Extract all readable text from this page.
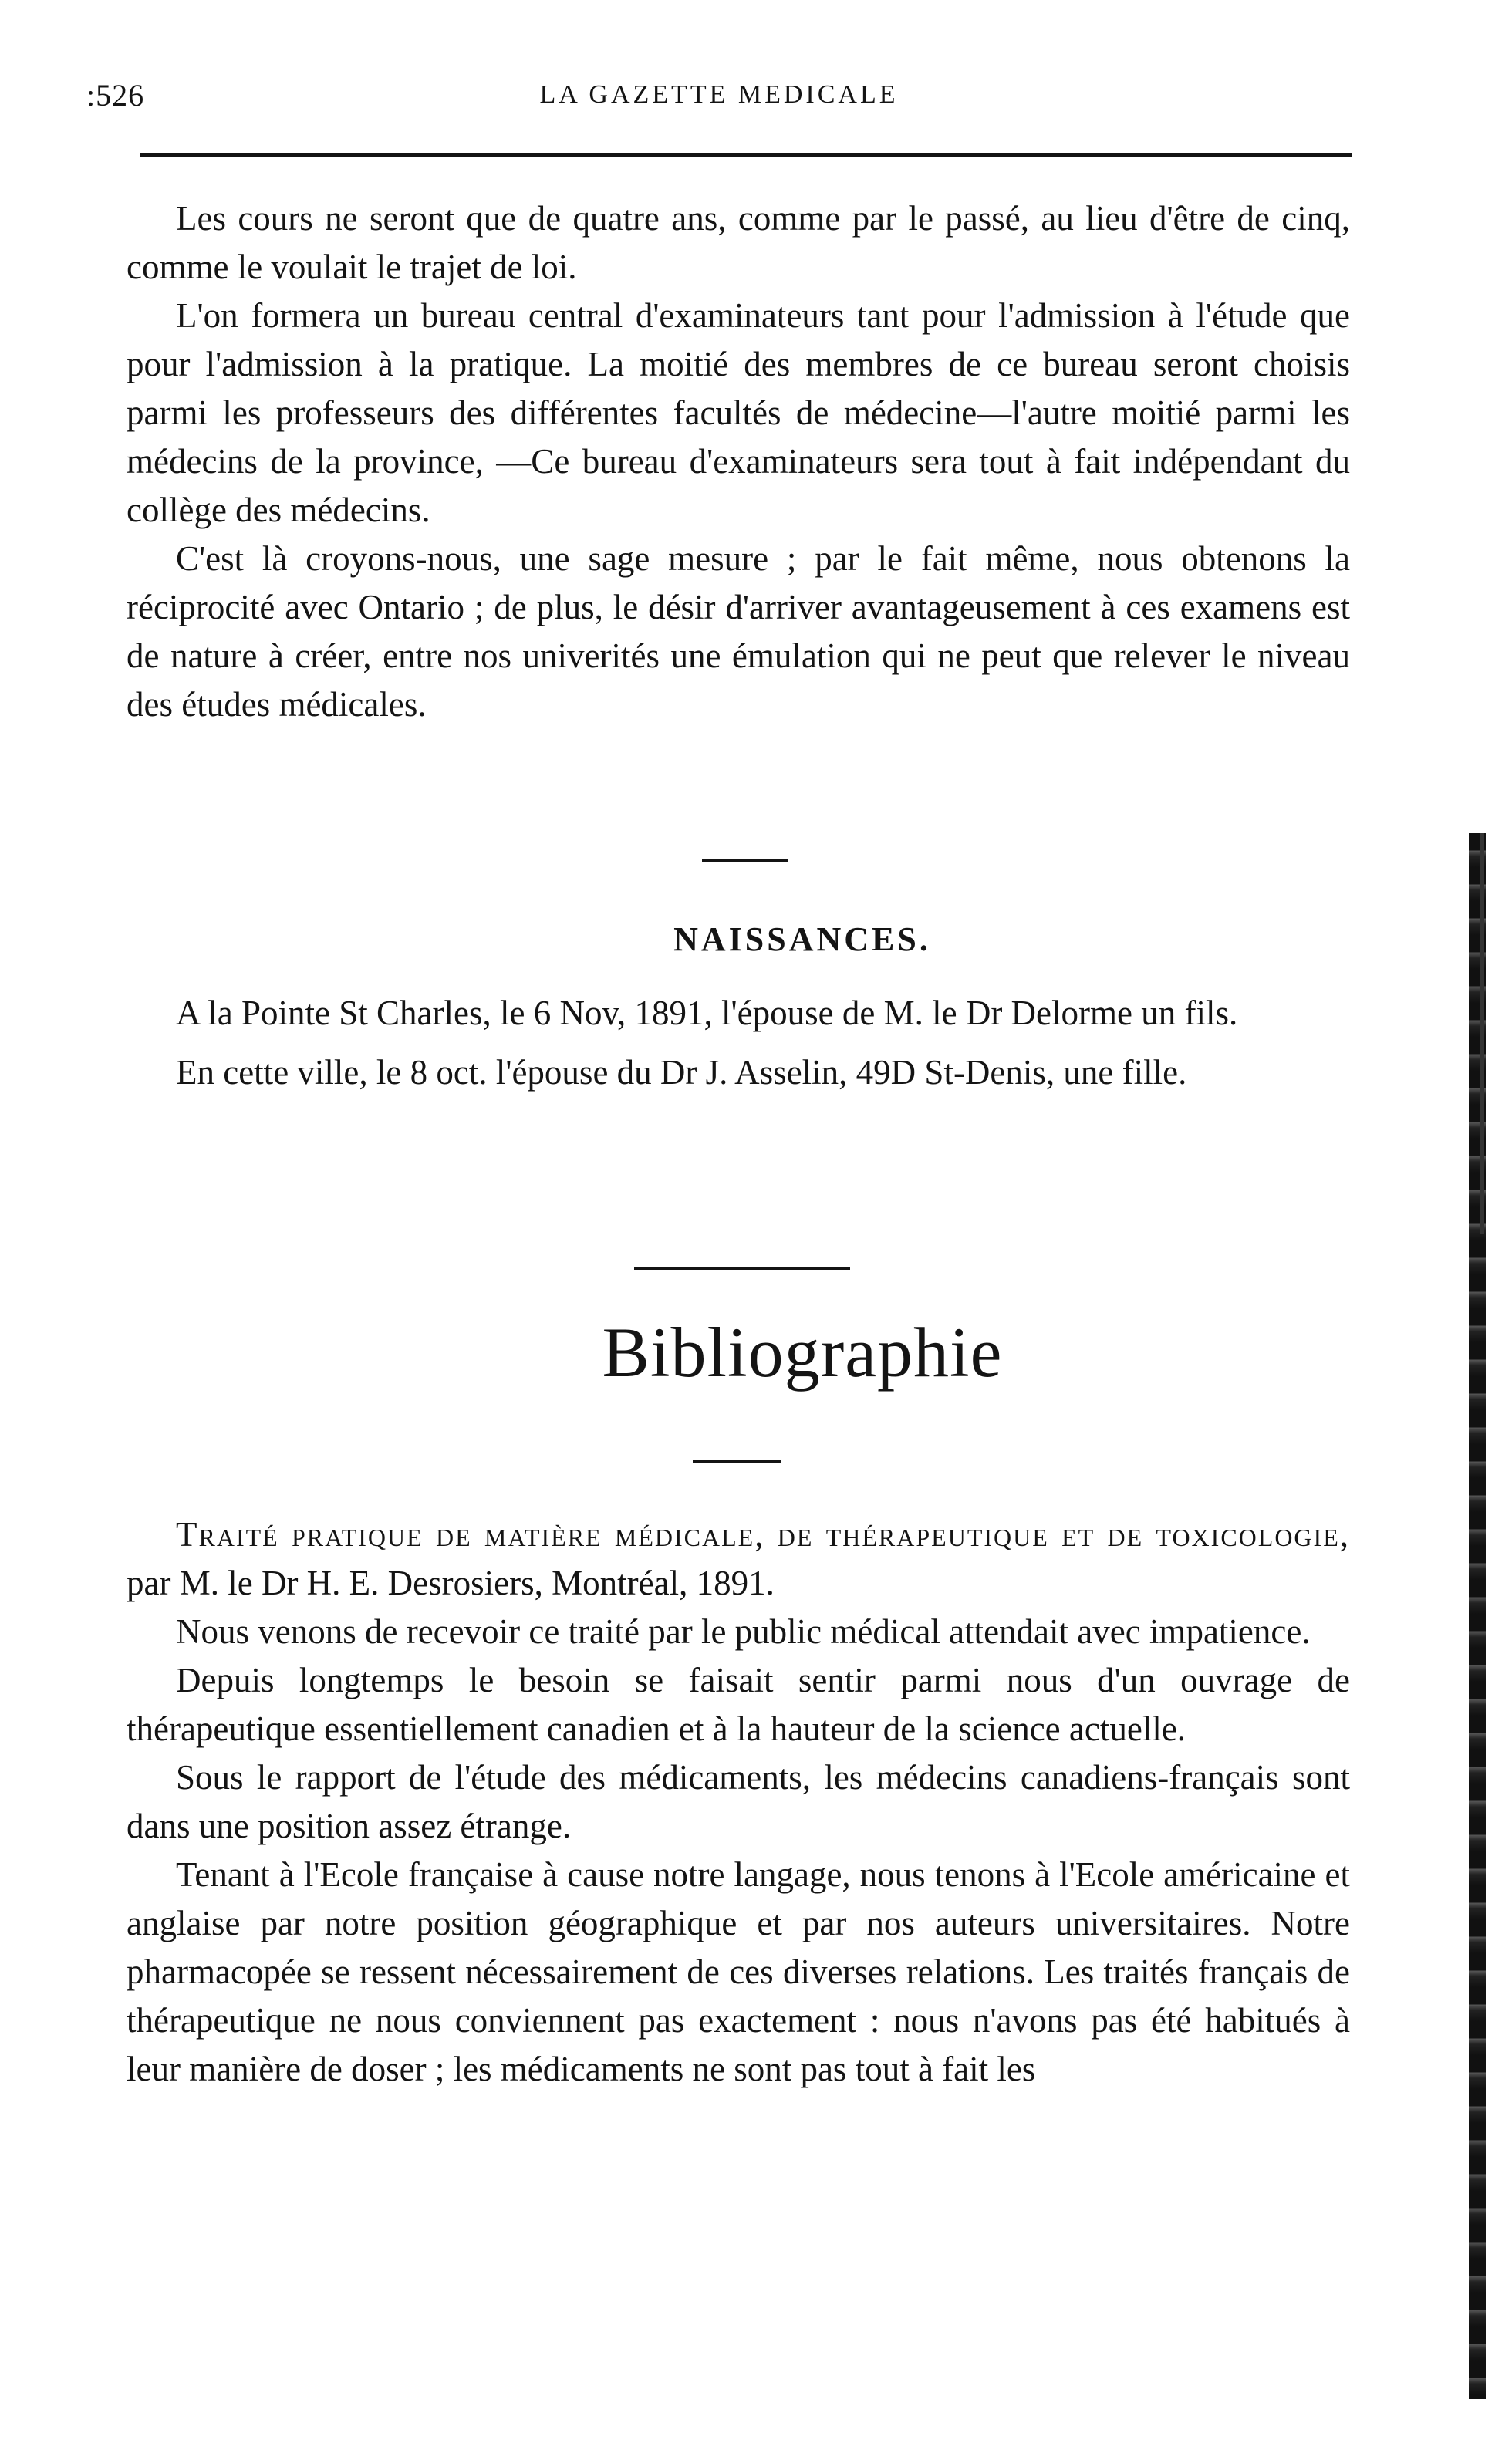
:526	LA GAZETTE MEDICALE

Les cours ne seront que de quatre ans, comme par le passé, au lieu d'être de cinq, comme le voulait le trajet de loi.

L'on formera un bureau central d'examinateurs tant pour l'admission à l'étude que pour l'admission à la pratique. La moitié des membres de ce bureau seront choisis parmi les professeurs des différentes facultés de médecine—l'autre moitié parmi les médecins de la province, —Ce bureau d'examinateurs sera tout à fait indépendant du collège des médecins.

C'est là croyons-nous, une sage mesure ; par le fait même, nous obtenons la réciprocité avec Ontario ; de plus, le désir d'arriver avantageusement à ces examens est de nature à créer, entre nos univerités une émulation qui ne peut que relever le niveau des études médicales.

NAISSANCES.

A la Pointe St Charles, le 6 Nov, 1891, l'épouse de M. le Dr Delorme un fils.

En cette ville, le 8 oct. l'épouse du Dr J. Asselin, 49D St-Denis, une fille.

Bibliographie

Traité pratique de matière médicale, de thérapeutique et de toxicologie, par M. le Dr H. E. Desrosiers, Montréal, 1891.

Nous venons de recevoir ce traité par le public médical attendait avec impatience.

Depuis longtemps le besoin se faisait sentir parmi nous d'un ouvrage de thérapeutique essentiellement canadien et à la hauteur de la science actuelle.

Sous le rapport de l'étude des médicaments, les médecins canadiens-français sont dans une position assez étrange.

Tenant à l'Ecole française à cause notre langage, nous tenons à l'Ecole américaine et anglaise par notre position géographique et par nos auteurs universitaires. Notre pharmacopée se ressent nécessairement de ces diverses relations. Les traités français de thérapeutique ne nous conviennent pas exactement : nous n'avons pas été habitués à leur manière de doser ; les médicaments ne sont pas tout à fait les
